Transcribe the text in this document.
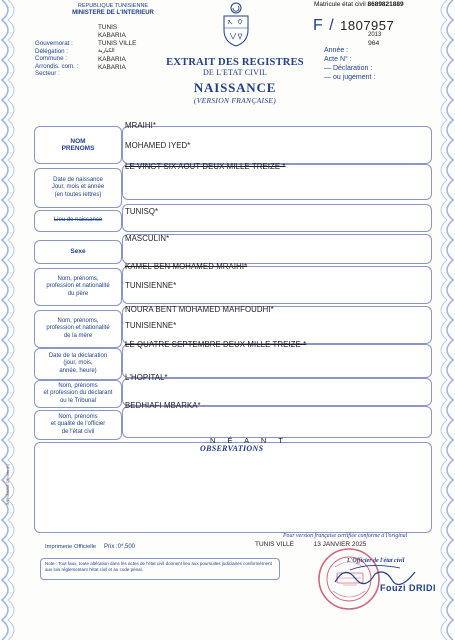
REPUBLIQUE TUNISIENNE
MINISTERE DE L'INTERIEUR
Matricule état civil 8689821889
F / 1807957
Gouvernorat :
Délégation :
Commune :
Arrondis. com. :
Secteur :
TUNIS
KABARIA
TUNIS VILLE
الكبارية
KABARIA
KABARIA	EXTRAIT DES REGISTRES
DE L'ETAT CIVIL
NAISSANCE
(VERSION FRANÇAISE)
2013
Année :
Acte N° :
— Déclaration :
— ou jugement :
964
NOM
PRENOMS
MRAIHI*
MOHAMED IYED*
Date de naissance
Jour, mois et année
(en toutes lettres)
LE VINGT SIX AOUT DEUX MILLE TREIZE *
Lieu de naissance
TUNISQ*
Sexe
MASCULIN*
Nom, prénoms,
profession et nationalité
du père
KAMEL BEN MOHAMED MRAIHI*
TUNISIENNE*
Nom, prénoms,
profession et nationalité
de la mère
NOURA BENT MOHAMED MAHFOUDHI*
TUNISIENNE*
Date de la déclaration
(jour, mois,
année, heure)
LE QUATRE SEPTEMBRE DEUX MILLE TREIZE *
Nom, prénoms
et profession du déclarant
ou le Tribunal
L'HOPITAL*
Nom, prénoms
et qualité de l'officier
de l'état civil
BEDHIAFI MBARKA*
N É A N T
OBSERVATIONS
IMPRIMERIE Officielle (R)
Imprimerie Officielle Prix :0*,500
Pour version française certifiée conforme à l'original
TUNIS VILLE	13 JANVIER 2025
L'Officier de l'état civil
Note : Tout faux, toute altération dans les actes de l'état civil donnent lieu aux poursuites judiciaires conformément aux lois réglementant l'état civil et au code pénal.
Fouzi DRIDI
